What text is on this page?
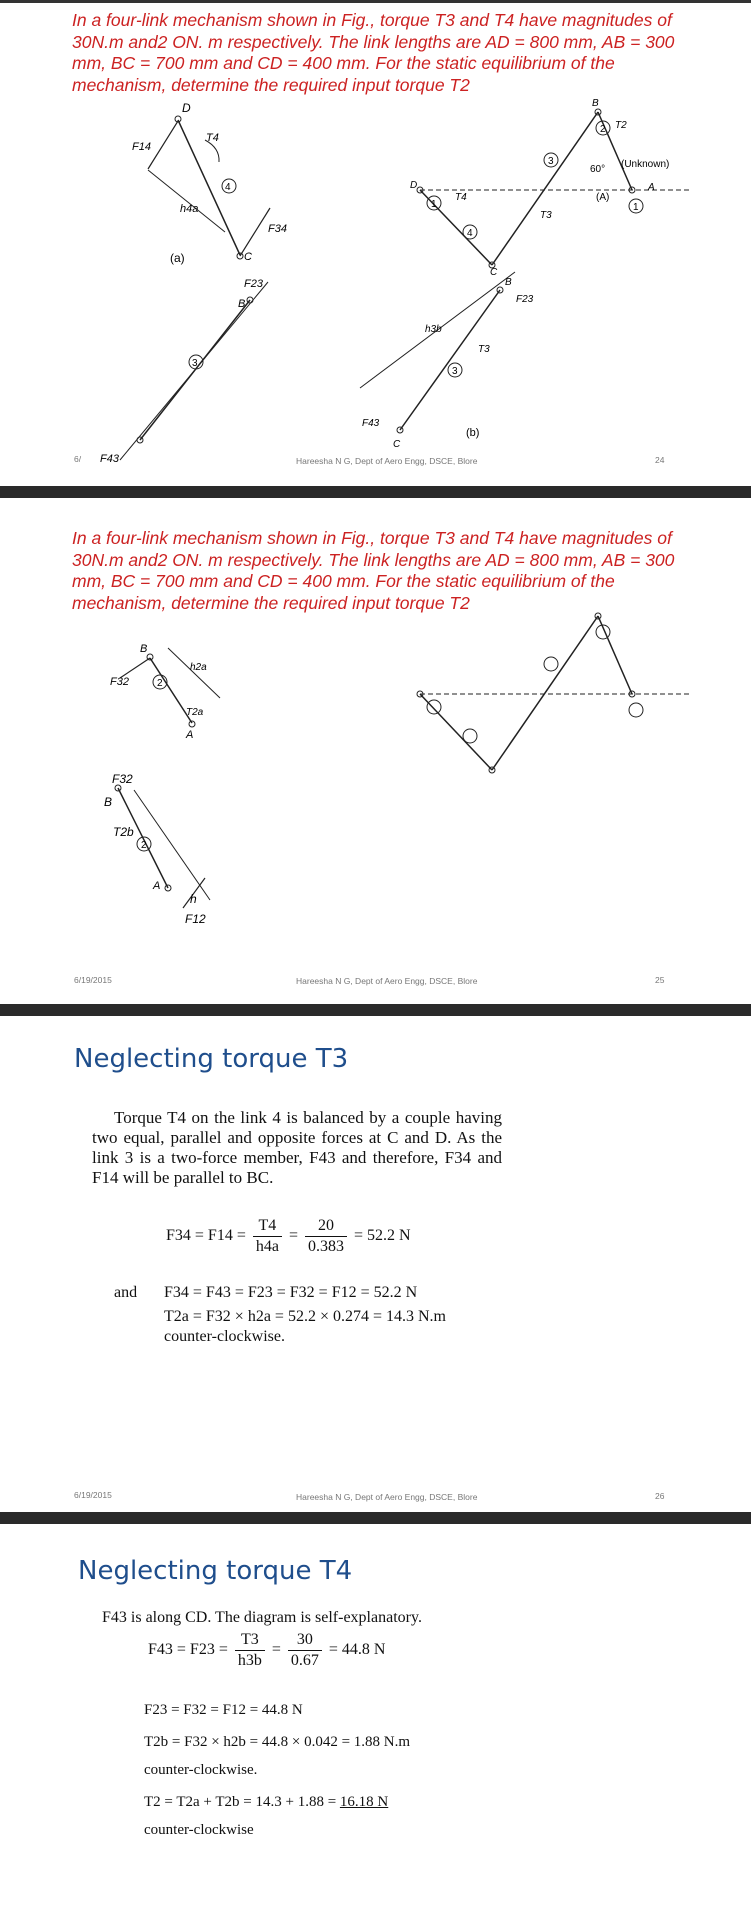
In a four-link mechanism shown in Fig., torque T3 and T4 have magnitudes of 30N.m and2 ON. m respectively. The link lengths are AD = 800 mm, AB = 300 mm, BC = 700 mm and CD = 400 mm. For the static equilibrium of the mechanism, determine the required input torque T2
D
F14
T4
h4a
4
F34
C
(a)
F23
B
3
F43
B
2
3
T2
(Unknown)
60°
A
(A)
1
D
1
T4
T3
4
C
B
F23
h3b
T3
3
F43
C
(b)
6/	Hareesha N G, Dept of Aero Engg, DSCE, Blore	24
In a four-link mechanism shown in Fig., torque T3 and T4 have magnitudes of 30N.m and2 ON. m respectively. The link lengths are AD = 800 mm, AB = 300 mm, BC = 700 mm and CD = 400 mm. For the static equilibrium of the mechanism, determine the required input torque T2
B
F32	2
h2a
T2a
A
F32
B
T2b
2
A
h
F12
6/19/2015	Hareesha N G, Dept of Aero Engg, DSCE, Blore	25
Neglecting torque T3
Torque T4 on the link 4 is balanced by a couple having two equal, parallel and opposite forces at C and D. As the link 3 is a two-force member, F43 and therefore, F34 and F14 will be parallel to BC.
$F34 = F14 = \frac{T4}{h4a} = \frac{20}{0.383} = 52.2$ N
and F34 = F43 = F23 = F32 = F12 = 52.2 N
T2a = F32 × h2a = 52.2 × 0.274 = 14.3 N.m
counter-clockwise.
6/19/2015	Hareesha N G, Dept of Aero Engg, DSCE, Blore	26
Neglecting torque T4
F43 is along CD. The diagram is self-explanatory.
$F43 = F23 = \frac{T3}{h3b} = \frac{30}{0.67} = 44.8$ N
F23 = F32 = F12 = 44.8 N
T2b = F32 × h2b = 44.8 × 0.042 = 1.88 N.m
counter-clockwise.
T2 = T2a + T2b = 14.3 + 1.88 = 16.18 N
counter-clockwise
